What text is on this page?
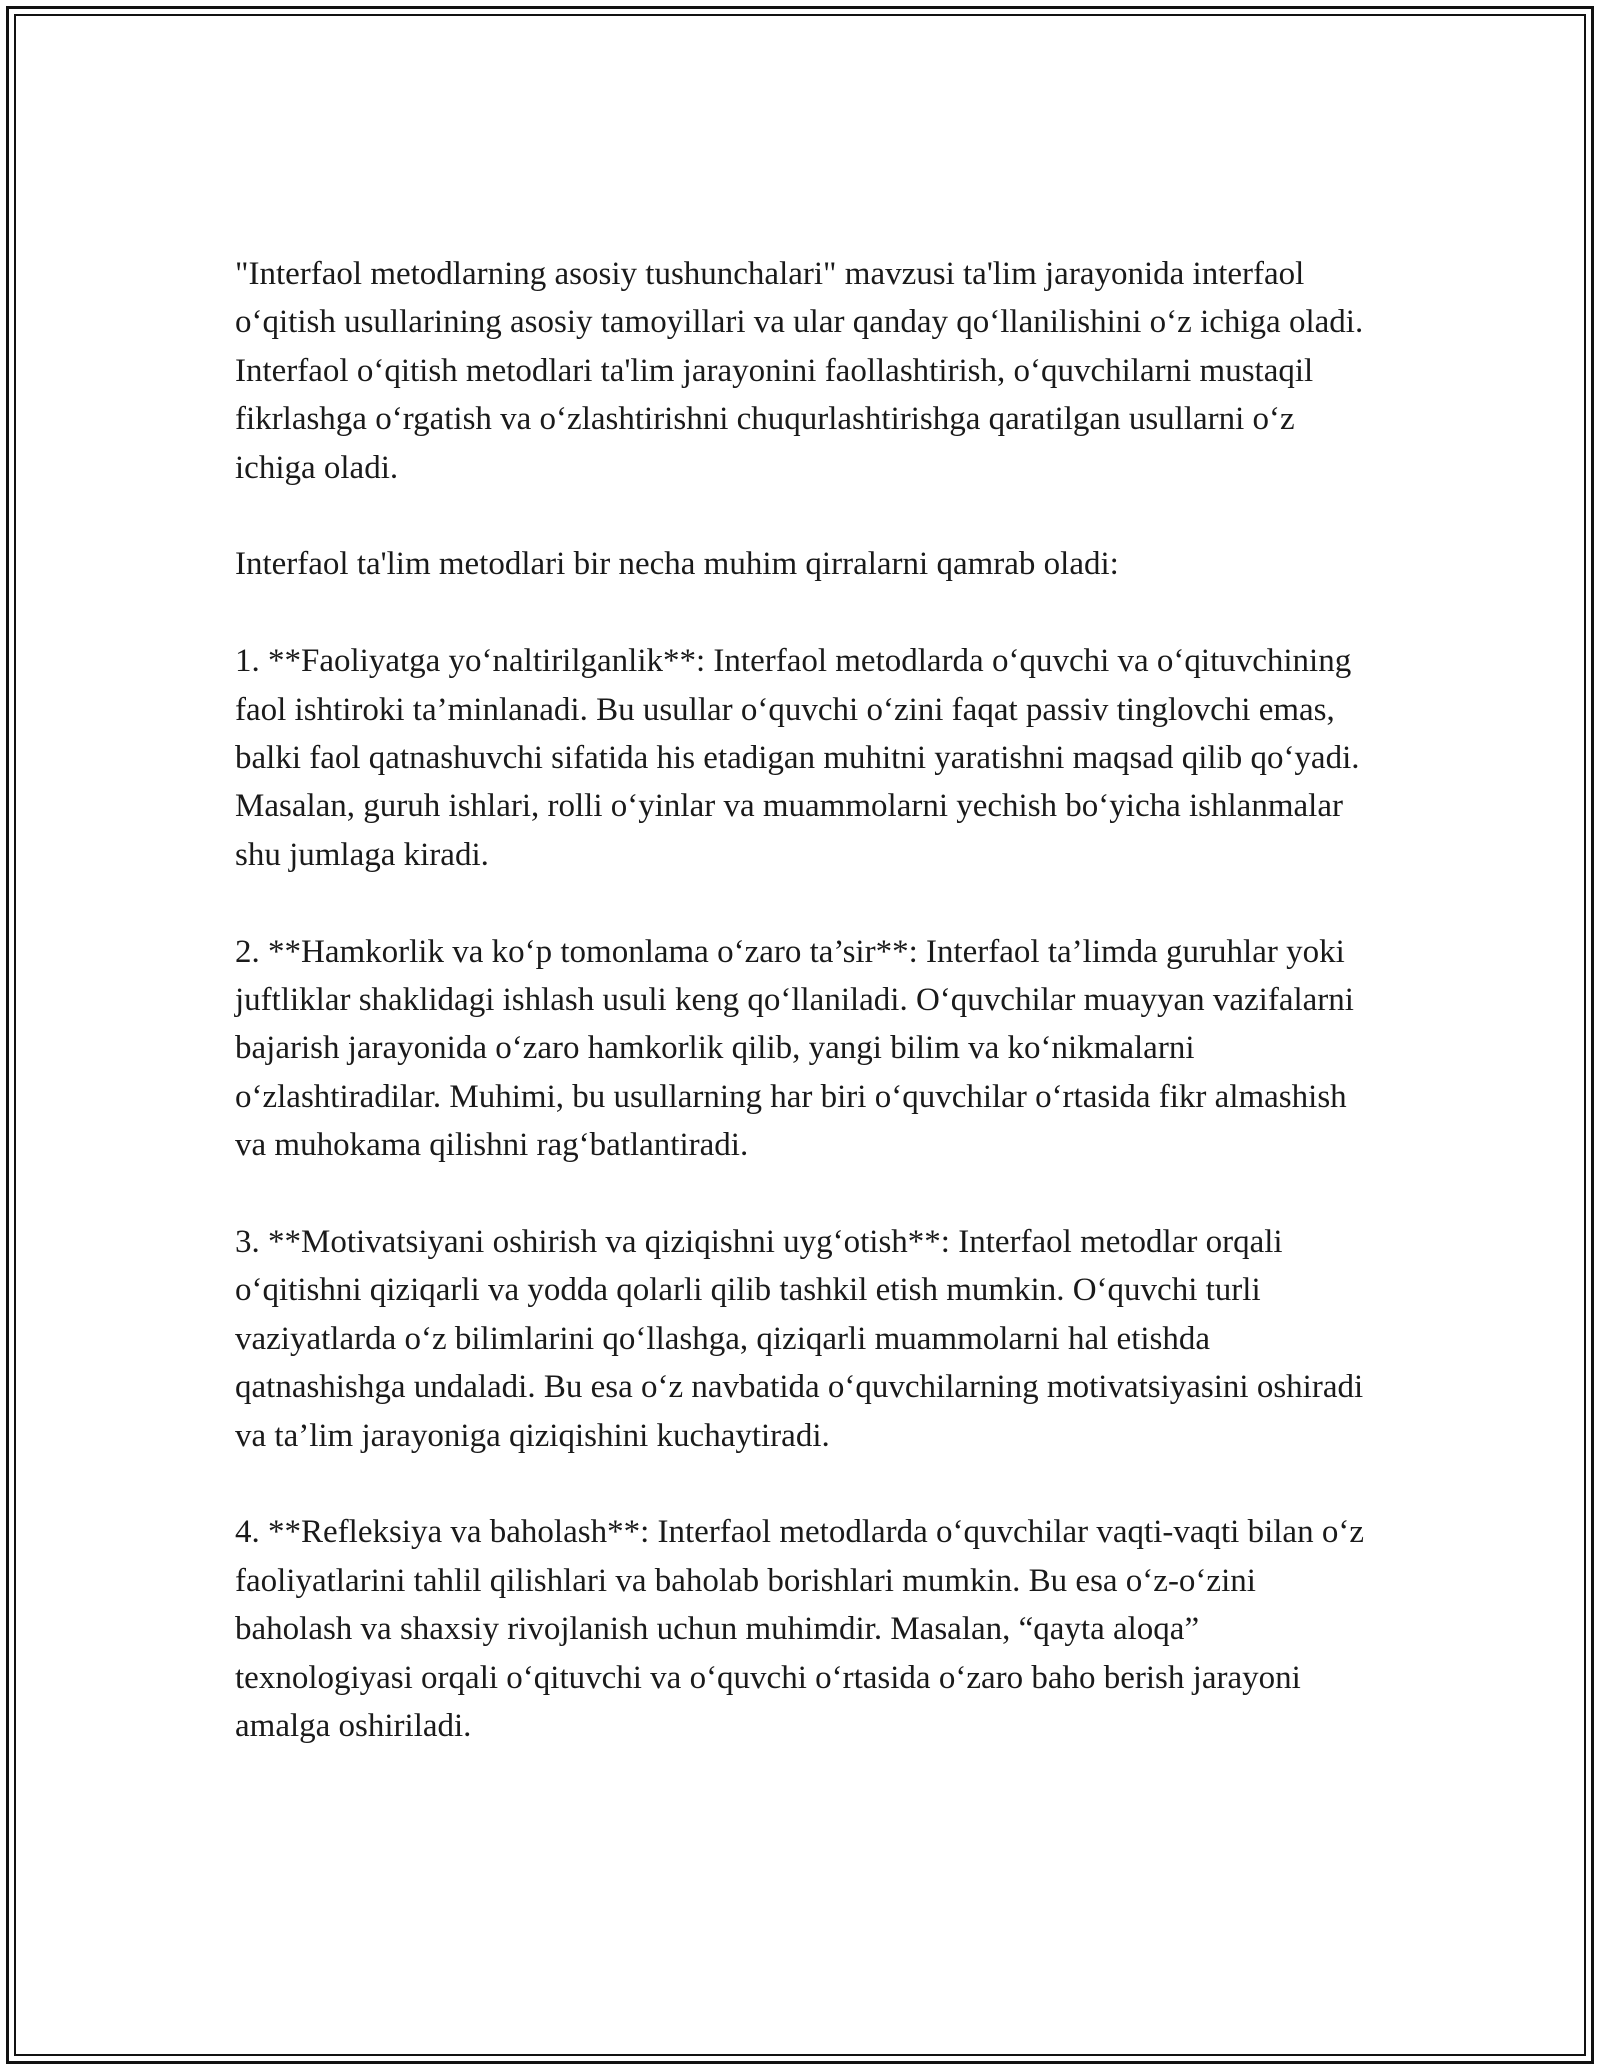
"Interfaol metodlarning asosiy tushunchalari" mavzusi ta'lim jarayonida interfaol o‘qitish usullarining asosiy tamoyillari va ular qanday qo‘llanilishini o‘z ichiga oladi. Interfaol o‘qitish metodlari ta'lim jarayonini faollashtirish, o‘quvchilarni mustaqil fikrlashga o‘rgatish va o‘zlashtirishni chuqurlashtirishga qaratilgan usullarni o‘z ichiga oladi.

Interfaol ta'lim metodlari bir necha muhim qirralarni qamrab oladi:

1. **Faoliyatga yo‘naltirilganlik**: Interfaol metodlarda o‘quvchi va o‘qituvchining faol ishtiroki ta’minlanadi. Bu usullar o‘quvchi o‘zini faqat passiv tinglovchi emas, balki faol qatnashuvchi sifatida his etadigan muhitni yaratishni maqsad qilib qo‘yadi. Masalan, guruh ishlari, rolli o‘yinlar va muammolarni yechish bo‘yicha ishlanmalar shu jumlaga kiradi.

2. **Hamkorlik va ko‘p tomonlama o‘zaro ta’sir**: Interfaol ta’limda guruhlar yoki juftliklar shaklidagi ishlash usuli keng qo‘llaniladi. O‘quvchilar muayyan vazifalarni bajarish jarayonida o‘zaro hamkorlik qilib, yangi bilim va ko‘nikmalarni o‘zlashtiradilar. Muhimi, bu usullarning har biri o‘quvchilar o‘rtasida fikr almashish va muhokama qilishni rag‘batlantiradi.

3. **Motivatsiyani oshirish va qiziqishni uyg‘otish**: Interfaol metodlar orqali o‘qitishni qiziqarli va yodda qolarli qilib tashkil etish mumkin. O‘quvchi turli vaziyatlarda o‘z bilimlarini qo‘llashga, qiziqarli muammolarni hal etishda qatnashishga undaladi. Bu esa o‘z navbatida o‘quvchilarning motivatsiyasini oshiradi va ta’lim jarayoniga qiziqishini kuchaytiradi.

4. **Refleksiya va baholash**: Interfaol metodlarda o‘quvchilar vaqti-vaqti bilan o‘z faoliyatlarini tahlil qilishlari va baholab borishlari mumkin. Bu esa o‘z-o‘zini baholash va shaxsiy rivojlanish uchun muhimdir. Masalan, “qayta aloqa” texnologiyasi orqali o‘qituvchi va o‘quvchi o‘rtasida o‘zaro baho berish jarayoni amalga oshiriladi.
